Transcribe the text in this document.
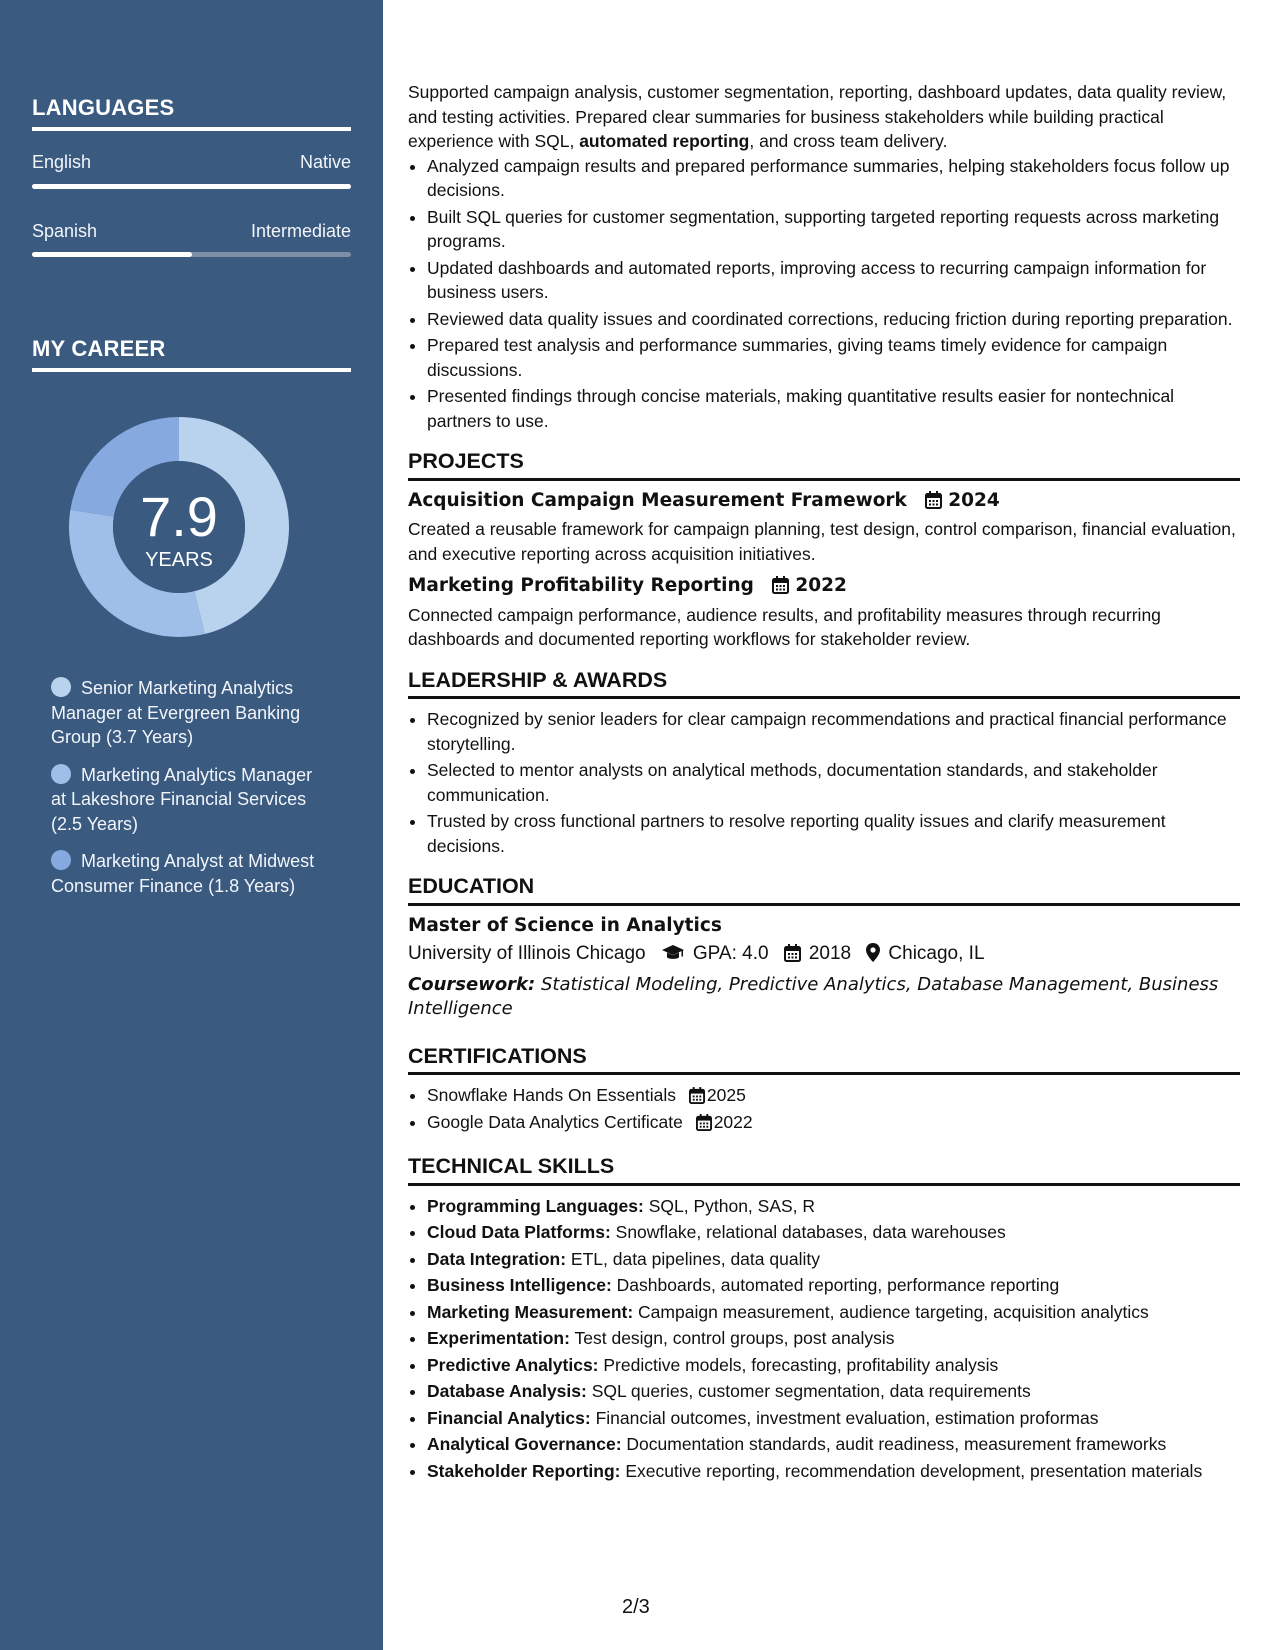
LANGUAGES
English	Native
Spanish	Intermediate
MY CAREER
7.9
YEARS
Senior Marketing Analytics Manager at Evergreen Banking Group (3.7 Years)
Marketing Analytics Manager at Lakeshore Financial Services (2.5 Years)
Marketing Analyst at Midwest Consumer Finance (1.8 Years)
Supported campaign analysis, customer segmentation, reporting, dashboard updates, data quality review, and testing activities. Prepared clear summaries for business stakeholders while building practical experience with SQL, automated reporting, and cross team delivery.
• Analyzed campaign results and prepared performance summaries, helping stakeholders focus follow up decisions.
• Built SQL queries for customer segmentation, supporting targeted reporting requests across marketing programs.
• Updated dashboards and automated reports, improving access to recurring campaign information for business users.
• Reviewed data quality issues and coordinated corrections, reducing friction during reporting preparation.
• Prepared test analysis and performance summaries, giving teams timely evidence for campaign discussions.
• Presented findings through concise materials, making quantitative results easier for nontechnical partners to use.
PROJECTS
Acquisition Campaign Measurement Framework 2024
Created a reusable framework for campaign planning, test design, control comparison, financial evaluation, and executive reporting across acquisition initiatives.
Marketing Profitability Reporting 2022
Connected campaign performance, audience results, and profitability measures through recurring dashboards and documented reporting workflows for stakeholder review.
LEADERSHIP & AWARDS
• Recognized by senior leaders for clear campaign recommendations and practical financial performance storytelling.
• Selected to mentor analysts on analytical methods, documentation standards, and stakeholder communication.
• Trusted by cross functional partners to resolve reporting quality issues and clarify measurement decisions.
EDUCATION
Master of Science in Analytics
University of Illinois Chicago GPA: 4.0 2018 Chicago, IL
Coursework: Statistical Modeling, Predictive Analytics, Database Management, Business Intelligence
CERTIFICATIONS
• Snowflake Hands On Essentials 2025
• Google Data Analytics Certificate 2022
TECHNICAL SKILLS
• Programming Languages: SQL, Python, SAS, R
• Cloud Data Platforms: Snowflake, relational databases, data warehouses
• Data Integration: ETL, data pipelines, data quality
• Business Intelligence: Dashboards, automated reporting, performance reporting
• Marketing Measurement: Campaign measurement, audience targeting, acquisition analytics
• Experimentation: Test design, control groups, post analysis
• Predictive Analytics: Predictive models, forecasting, profitability analysis
• Database Analysis: SQL queries, customer segmentation, data requirements
• Financial Analytics: Financial outcomes, investment evaluation, estimation proformas
• Analytical Governance: Documentation standards, audit readiness, measurement frameworks
• Stakeholder Reporting: Executive reporting, recommendation development, presentation materials
2/3
